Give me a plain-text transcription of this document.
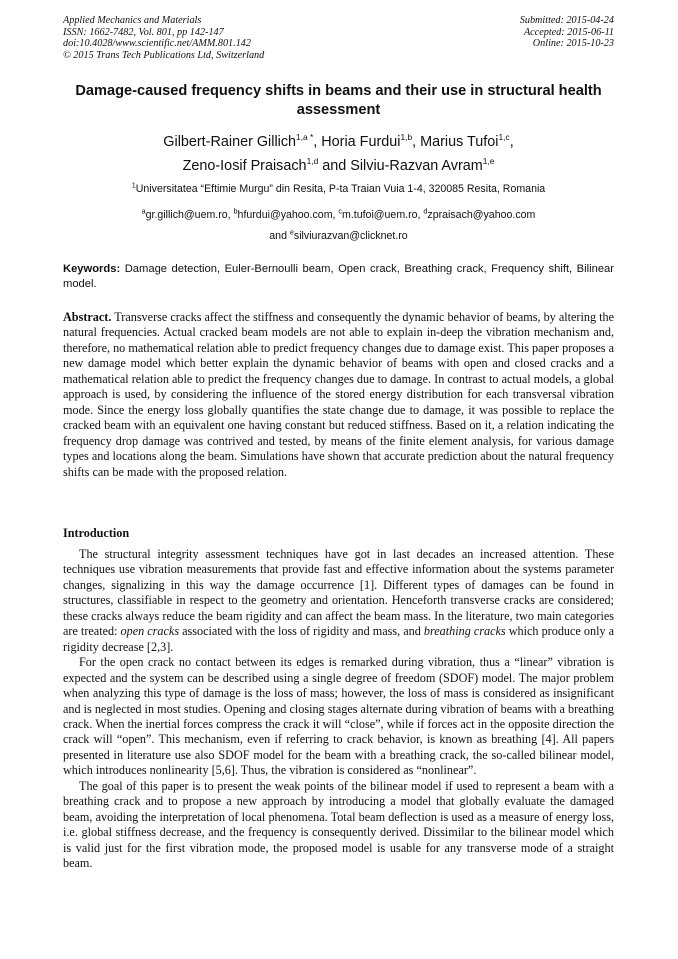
Applied Mechanics and Materials
ISSN: 1662-7482, Vol. 801, pp 142-147
doi:10.4028/www.scientific.net/AMM.801.142
© 2015 Trans Tech Publications Ltd, Switzerland
Submitted: 2015-04-24
Accepted: 2015-06-11
Online: 2015-10-23
Damage-caused frequency shifts in beams and their use in structural health assessment
Gilbert-Rainer Gillich$^{1,a *}$, Horia Furdui$^{1,b}$, Marius Tufoi$^{1,c}$,
Zeno-Iosif Praisach$^{1,d}$ and Silviu-Razvan Avram$^{1,e}$
$^1$Universitatea “Eftimie Murgu” din Resita, P-ta Traian Vuia 1-4, 320085 Resita, Romania
$^a$gr.gillich@uem.ro, $^b$hfurdui@yahoo.com, $^c$m.tufoi@uem.ro, $^d$zpraisach@yahoo.com
and $^e$silviurazvan@clicknet.ro
Keywords: Damage detection, Euler-Bernoulli beam, Open crack, Breathing crack, Frequency shift, Bilinear model.
Abstract. Transverse cracks affect the stiffness and consequently the dynamic behavior of beams, by altering the natural frequencies. Actual cracked beam models are not able to explain in-deep the vibration mechanism and, therefore, no mathematical relation able to predict frequency changes due to damage exist. This paper proposes a new damage model which better explain the dynamic behavior of beams with open and closed cracks and a mathematical relation able to predict the frequency changes due to damage. In contrast to actual models, a global approach is used, by considering the influence of the stored energy distribution for each transversal vibration mode. Since the energy loss globally quantifies the state change due to damage, it was possible to replace the cracked beam with an equivalent one having constant but reduced stiffness. Based on it, a relation indicating the frequency drop damage was contrived and tested, by means of the finite element analysis, for various damage types and locations along the beam. Simulations have shown that accurate prediction about the natural frequency shifts can be made with the proposed relation.
Introduction

The structural integrity assessment techniques have got in last decades an increased attention. These techniques use vibration measurements that provide fast and effective information about the systems parameter changes, signalizing in this way the damage occurrence [1]. Different types of damages can be found in structures, classifiable in respect to the geometry and orientation. Henceforth transverse cracks are considered; these cracks always reduce the beam rigidity and can affect the beam mass. In the literature, two main categories are treated: open cracks associated with the loss of rigidity and mass, and breathing cracks which produce only a rigidity decrease [2,3].

For the open crack no contact between its edges is remarked during vibration, thus a “linear” vibration is expected and the system can be described using a single degree of freedom (SDOF) model. The major problem when analyzing this type of damage is the loss of mass; however, the loss of mass is considered as insignificant and is neglected in most studies. Opening and closing stages alternate during vibration of beams with a breathing crack. When the inertial forces compress the crack it will “close”, while if forces act in the opposite direction the crack will “open”. This mechanism, even if referring to crack behavior, is known as breathing [4]. All papers presented in literature use also SDOF model for the beam with a breathing crack, the so-called bilinear model, which introduces nonlinearity [5,6]. Thus, the vibration is considered as “nonlinear”.

The goal of this paper is to present the weak points of the bilinear model if used to represent a beam with a breathing crack and to propose a new approach by introducing a model that globally evaluate the damaged beam, avoiding the interpretation of local phenomena. Total beam deflection is used as a measure of energy loss, i.e. global stiffness decrease, and the frequency is consequently derived. Dissimilar to the bilinear model which is valid just for the first vibration mode, the proposed model is usable for any transverse mode of a straight beam.
